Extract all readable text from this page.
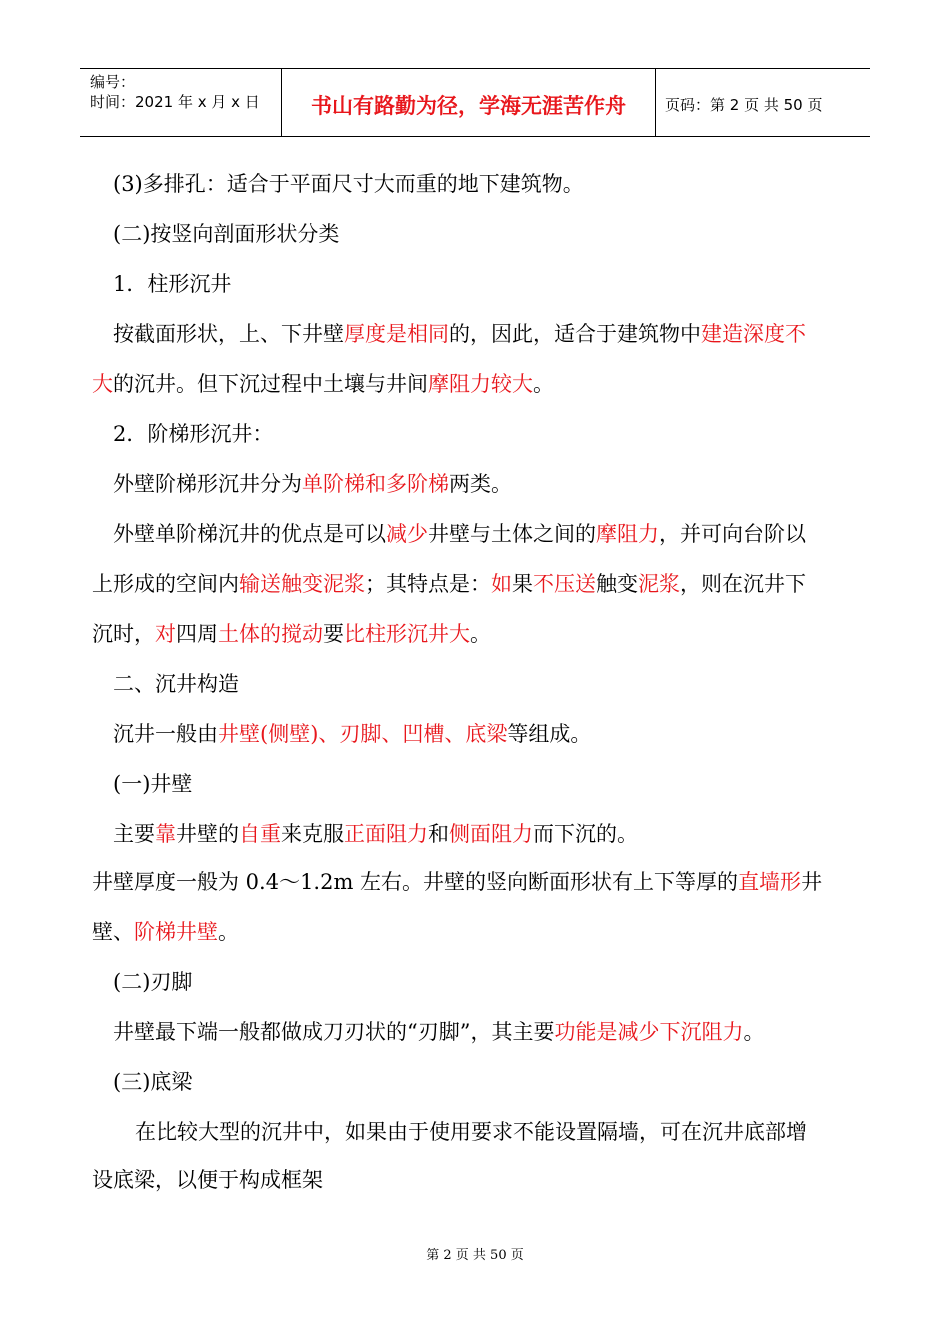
编号：
时间：2021 年 x 月 x 日	书山有路勤为径，学海无涯苦作舟	页码：第 2 页 共 50 页
(3)多排孔：适合于平面尺寸大而重的地下建筑物。
(二)按竖向剖面形状分类
1．柱形沉井
按截面形状，上、下井壁厚度是相同的，因此，适合于建筑物中建造深度不
大的沉井。但下沉过程中土壤与井间摩阻力较大。
2．阶梯形沉井：
外壁阶梯形沉井分为单阶梯和多阶梯两类。
外壁单阶梯沉井的优点是可以减少井壁与土体之间的摩阻力，并可向台阶以
上形成的空间内输送触变泥浆；其特点是：如果不压送触变泥浆，则在沉井下
沉时，对四周土体的搅动要比柱形沉井大。
二、沉井构造
沉井一般由井壁(侧壁)、刃脚、凹槽、底梁等组成。
(一)井壁
主要靠井壁的自重来克服正面阻力和侧面阻力而下沉的。
井壁厚度一般为 0.4～1.2m 左右。井壁的竖向断面形状有上下等厚的直墙形井
壁、阶梯井壁。
(二)刃脚
井壁最下端一般都做成刀刃状的“刃脚”，其主要功能是减少下沉阻力。
(三)底梁
在比较大型的沉井中，如果由于使用要求不能设置隔墙，可在沉井底部增
设底梁，以便于构成框架
第 2 页 共 50 页
